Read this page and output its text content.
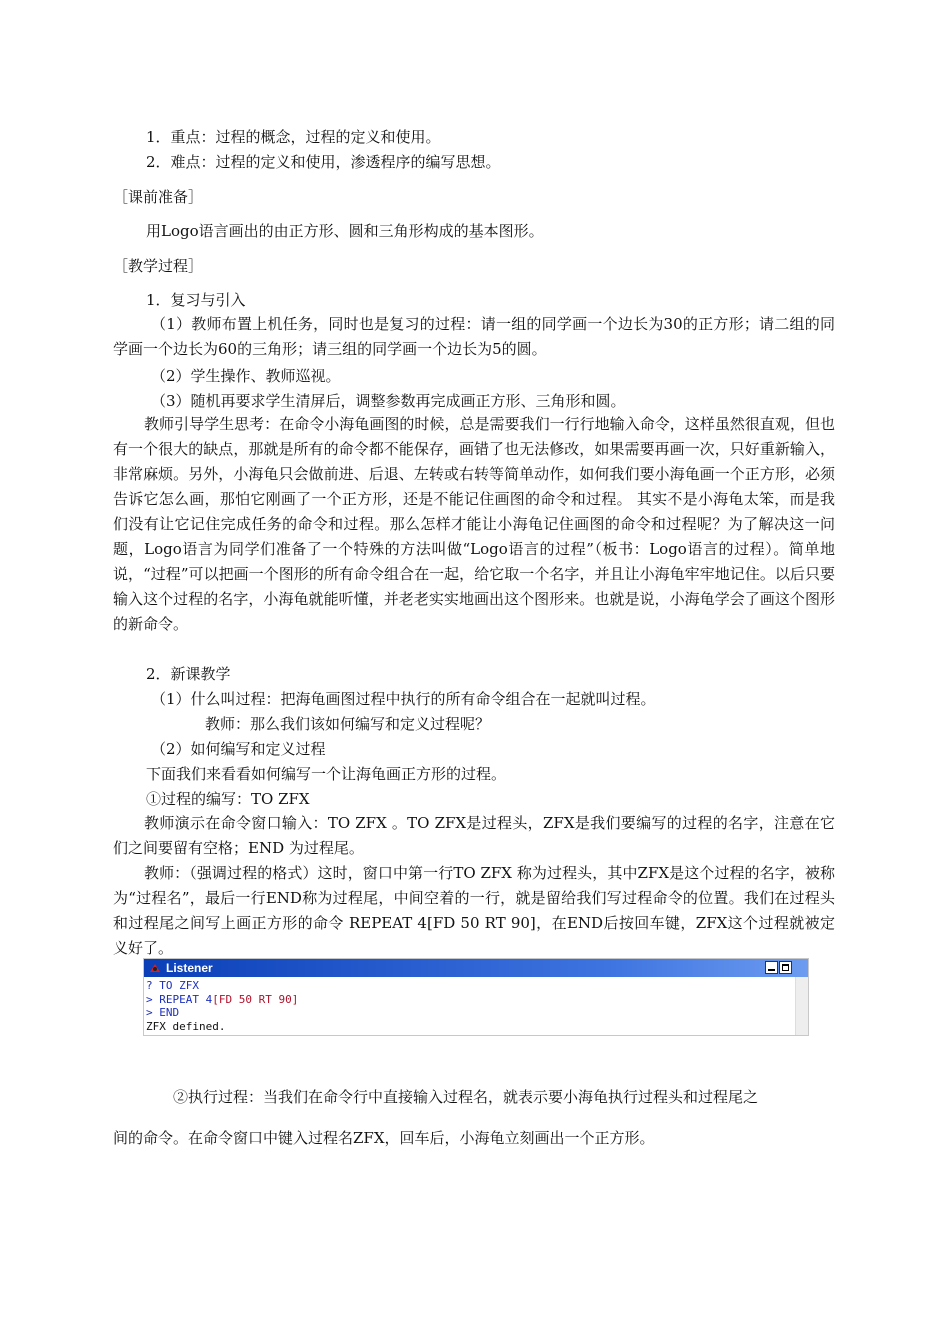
1．重点：过程的概念，过程的定义和使用。
2．难点：过程的定义和使用，渗透程序的编写思想。
［课前准备］
用Logo语言画出的由正方形、圆和三角形构成的基本图形。
［教学过程］
1．复习与引入

（1）教师布置上机任务，同时也是复习的过程：请一组的同学画一个边长为30的正方形；请二组的同学画一个边长为60的三角形；请三组的同学画一个边长为5的圆。

（2）学生操作、教师巡视。
（3）随机再要求学生清屏后，调整参数再完成画正方形、三角形和圆。

教师引导学生思考：在命令小海龟画图的时候，总是需要我们一行行地输入命令，这样虽然很直观，但也有一个很大的缺点，那就是所有的命令都不能保存，画错了也无法修改，如果需要再画一次，只好重新输入，非常麻烦。另外，小海龟只会做前进、后退、左转或右转等简单动作，如何我们要小海龟画一个正方形，必须告诉它怎么画，那怕它刚画了一个正方形，还是不能记住画图的命令和过程。 其实不是小海龟太笨，而是我们没有让它记住完成任务的命令和过程。那么怎样才能让小海龟记住画图的命令和过程呢？为了解决这一问题，Logo语言为同学们准备了一个特殊的方法叫做“Logo语言的过程”（板书：Logo语言的过程）。简单地说，“过程”可以把画一个图形的所有命令组合在一起，给它取一个名字，并且让小海龟牢牢地记住。以后只要输入这个过程的名字，小海龟就能听懂，并老老实实地画出这个图形来。也就是说，小海龟学会了画这个图形的新命令。

2．新课教学
（1）什么叫过程：把海龟画图过程中执行的所有命令组合在一起就叫过程。
教师：那么我们该如何编写和定义过程呢？
（2）如何编写和定义过程
下面我们来看看如何编写一个让海龟画正方形的过程。
①过程的编写：TO ZFX

教师演示在命令窗口输入：TO ZFX 。TO ZFX是过程头，ZFX是我们要编写的过程的名字，注意在它们之间要留有空格；END 为过程尾。

教师：（强调过程的格式）这时，窗口中第一行TO ZFX 称为过程头，其中ZFX是这个过程的名字，被称为“过程名”，最后一行END称为过程尾，中间空着的一行，就是留给我们写过程命令的位置。我们在过程头和过程尾之间写上画正方形的命令 REPEAT 4[FD 50 RT 90]，在END后按回车键，ZFX这个过程就被定义好了。

Listener
? TO ZFX
> REPEAT 4[FD 50 RT 90]
> END
ZFX defined.
②执行过程：当我们在命令行中直接输入过程名，就表示要小海龟执行过程头和过程尾之
间的命令。在命令窗口中键入过程名ZFX，回车后，小海龟立刻画出一个正方形。
